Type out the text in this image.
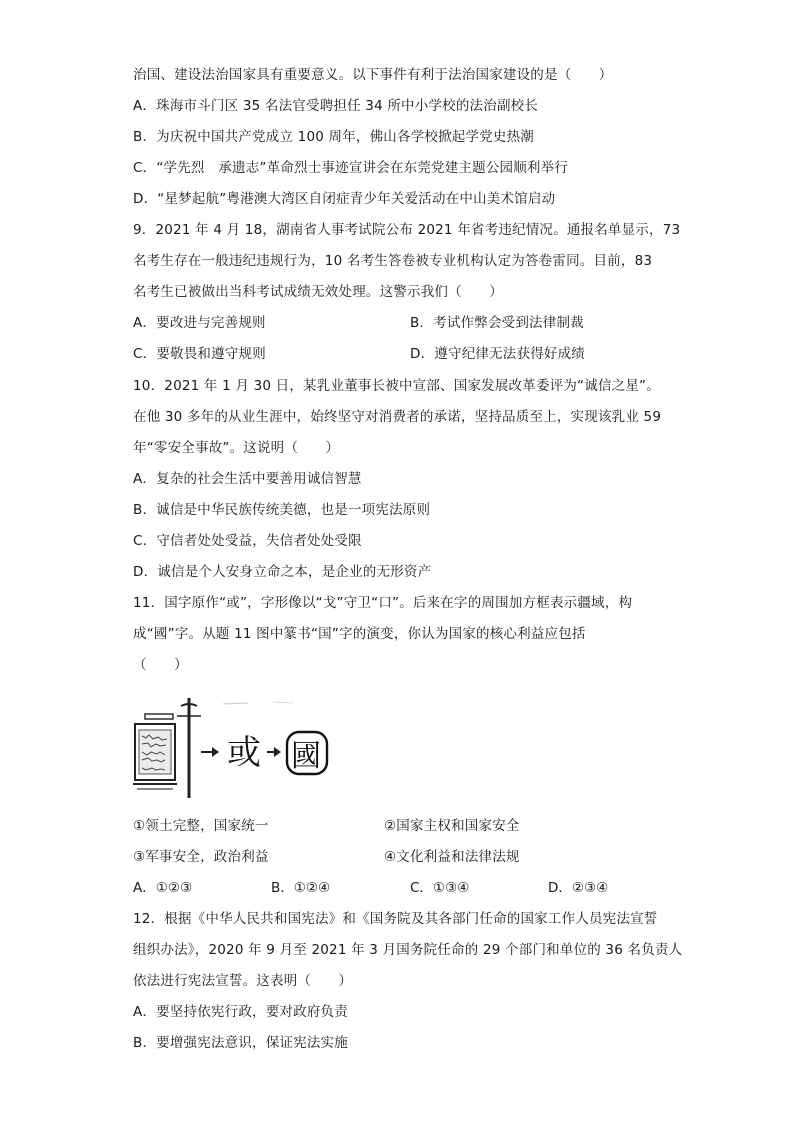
治国、建设法治国家具有重要意义。以下事件有利于法治国家建设的是（　　）
A．珠海市斗门区 35 名法官受聘担任 34 所中小学校的法治副校长
B．为庆祝中国共产党成立 100 周年，佛山各学校掀起学党史热潮
C．“学先烈　承遗志”革命烈士事迹宣讲会在东莞党建主题公园顺利举行
D．“星梦起航”粤港澳大湾区自闭症青少年关爱活动在中山美术馆启动
9．2021 年 4 月 18，湖南省人事考试院公布 2021 年省考违纪情况。通报名单显示，73
名考生存在一般违纪违规行为，10 名考生答卷被专业机构认定为答卷雷同。目前，83
名考生已被做出当科考试成绩无效处理。这警示我们（　　）
A．要改进与完善规则	B．考试作弊会受到法律制裁
C．要敬畏和遵守规则	D．遵守纪律无法获得好成绩
10．2021 年 1 月 30 日，某乳业董事长被中宣部、国家发展改革委评为“诚信之星”。
在他 30 多年的从业生涯中，始终坚守对消费者的承诺，坚持品质至上，实现该乳业 59
年“零安全事故”。这说明（　　）
A．复杂的社会生活中要善用诚信智慧
B．诚信是中华民族传统美德，也是一项宪法原则
C．守信者处处受益，失信者处处受限
D．诚信是个人安身立命之本，是企业的无形资产
11．国字原作“或”，字形像以“戈”守卫“口”。后来在字的周围加方框表示疆域，构
成“國”字。从题 11 图中篆书“国”字的演变，你认为国家的核心利益应包括
（　　）
或 國
①领土完整，国家统一	②国家主权和国家安全
③军事安全，政治利益	④文化利益和法律法规
A．①②③	B．①②④	C．①③④	D．②③④
12．根据《中华人民共和国宪法》和《国务院及其各部门任命的国家工作人员宪法宣誓
组织办法》，2020 年 9 月至 2021 年 3 月国务院任命的 29 个部门和单位的 36 名负责人
依法进行宪法宣誓。这表明（　　）
A．要坚持依宪行政，要对政府负责
B．要增强宪法意识，保证宪法实施
